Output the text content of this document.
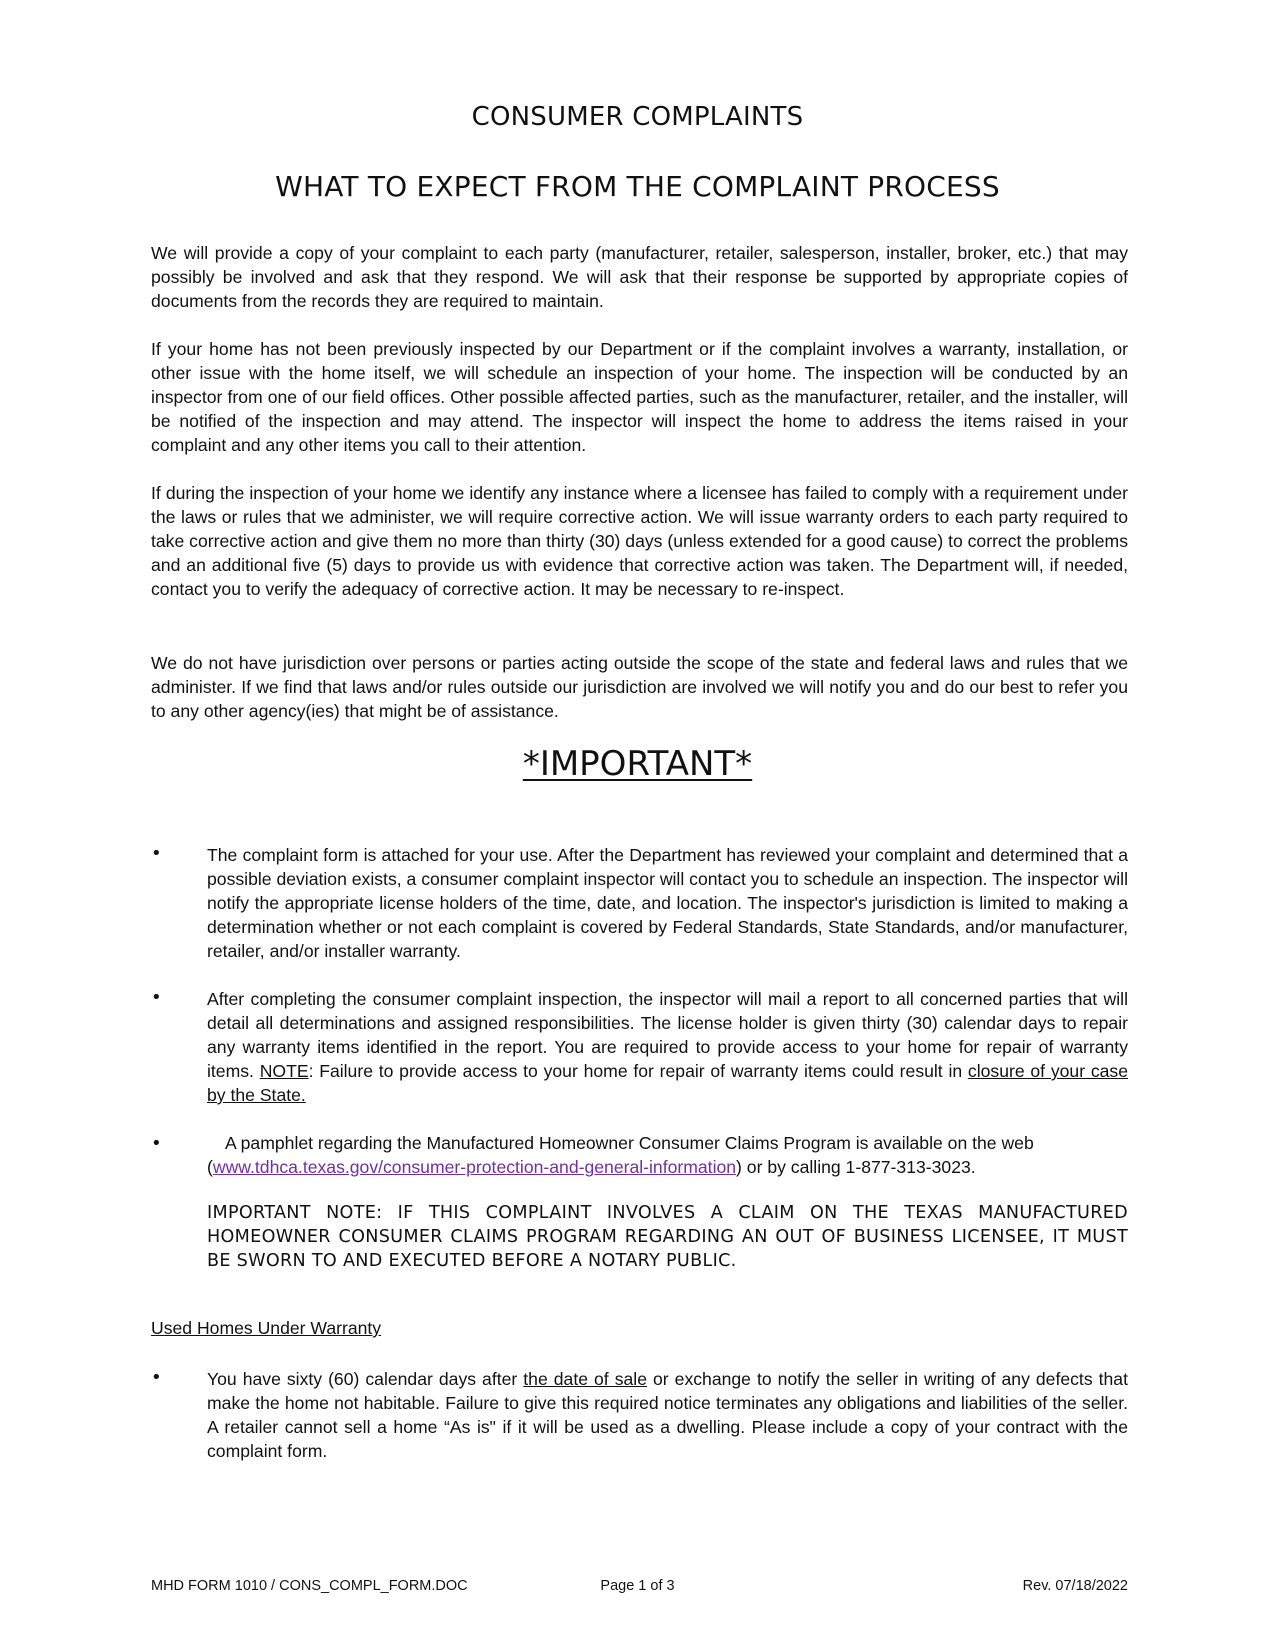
CONSUMER COMPLAINTS
WHAT TO EXPECT FROM THE COMPLAINT PROCESS

We will provide a copy of your complaint to each party (manufacturer, retailer, salesperson, installer, broker, etc.) that may possibly be involved and ask that they respond. We will ask that their response be supported by appropriate copies of documents from the records they are required to maintain.

If your home has not been previously inspected by our Department or if the complaint involves a warranty, installation, or other issue with the home itself, we will schedule an inspection of your home. The inspection will be conducted by an inspector from one of our field offices. Other possible affected parties, such as the manufacturer, retailer, and the installer, will be notified of the inspection and may attend. The inspector will inspect the home to address the items raised in your complaint and any other items you call to their attention.

If during the inspection of your home we identify any instance where a licensee has failed to comply with a requirement under the laws or rules that we administer, we will require corrective action. We will issue warranty orders to each party required to take corrective action and give them no more than thirty (30) days (unless extended for a good cause) to correct the problems and an additional five (5) days to provide us with evidence that corrective action was taken. The Department will, if needed, contact you to verify the adequacy of corrective action. It may be necessary to re-inspect.

We do not have jurisdiction over persons or parties acting outside the scope of the state and federal laws and rules that we administer. If we find that laws and/or rules outside our jurisdiction are involved we will notify you and do our best to refer you to any other agency(ies) that might be of assistance.

*IMPORTANT*
•	The complaint form is attached for your use. After the Department has reviewed your complaint and determined that a possible deviation exists, a consumer complaint inspector will contact you to schedule an inspection. The inspector will notify the appropriate license holders of the time, date, and location. The inspector's jurisdiction is limited to making a determination whether or not each complaint is covered by Federal Standards, State Standards, and/or manufacturer, retailer, and/or installer warranty.

•	After completing the consumer complaint inspection, the inspector will mail a report to all concerned parties that will detail all determinations and assigned responsibilities. The license holder is given thirty (30) calendar days to repair any warranty items identified in the report. You are required to provide access to your home for repair of warranty items. NOTE: Failure to provide access to your home for repair of warranty items could result in closure of your case by the State.

•	A pamphlet regarding the Manufactured Homeowner Consumer Claims Program is available on the web

(www.tdhca.texas.gov/consumer-protection-and-general-information) or by calling 1-877-313-3023.

IMPORTANT NOTE: IF THIS COMPLAINT INVOLVES A CLAIM ON THE TEXAS MANUFACTURED HOMEOWNER CONSUMER CLAIMS PROGRAM REGARDING AN OUT OF BUSINESS LICENSEE, IT MUST BE SWORN TO AND EXECUTED BEFORE A NOTARY PUBLIC.

Used Homes Under Warranty

•	You have sixty (60) calendar days after the date of sale or exchange to notify the seller in writing of any defects that make the home not habitable. Failure to give this required notice terminates any obligations and liabilities of the seller. A retailer cannot sell a home “As is" if it will be used as a dwelling. Please include a copy of your contract with the complaint form.

MHD FORM 1010 / CONS_COMPL_FORM.DOC	Page 1 of 3	Rev. 07/18/2022
